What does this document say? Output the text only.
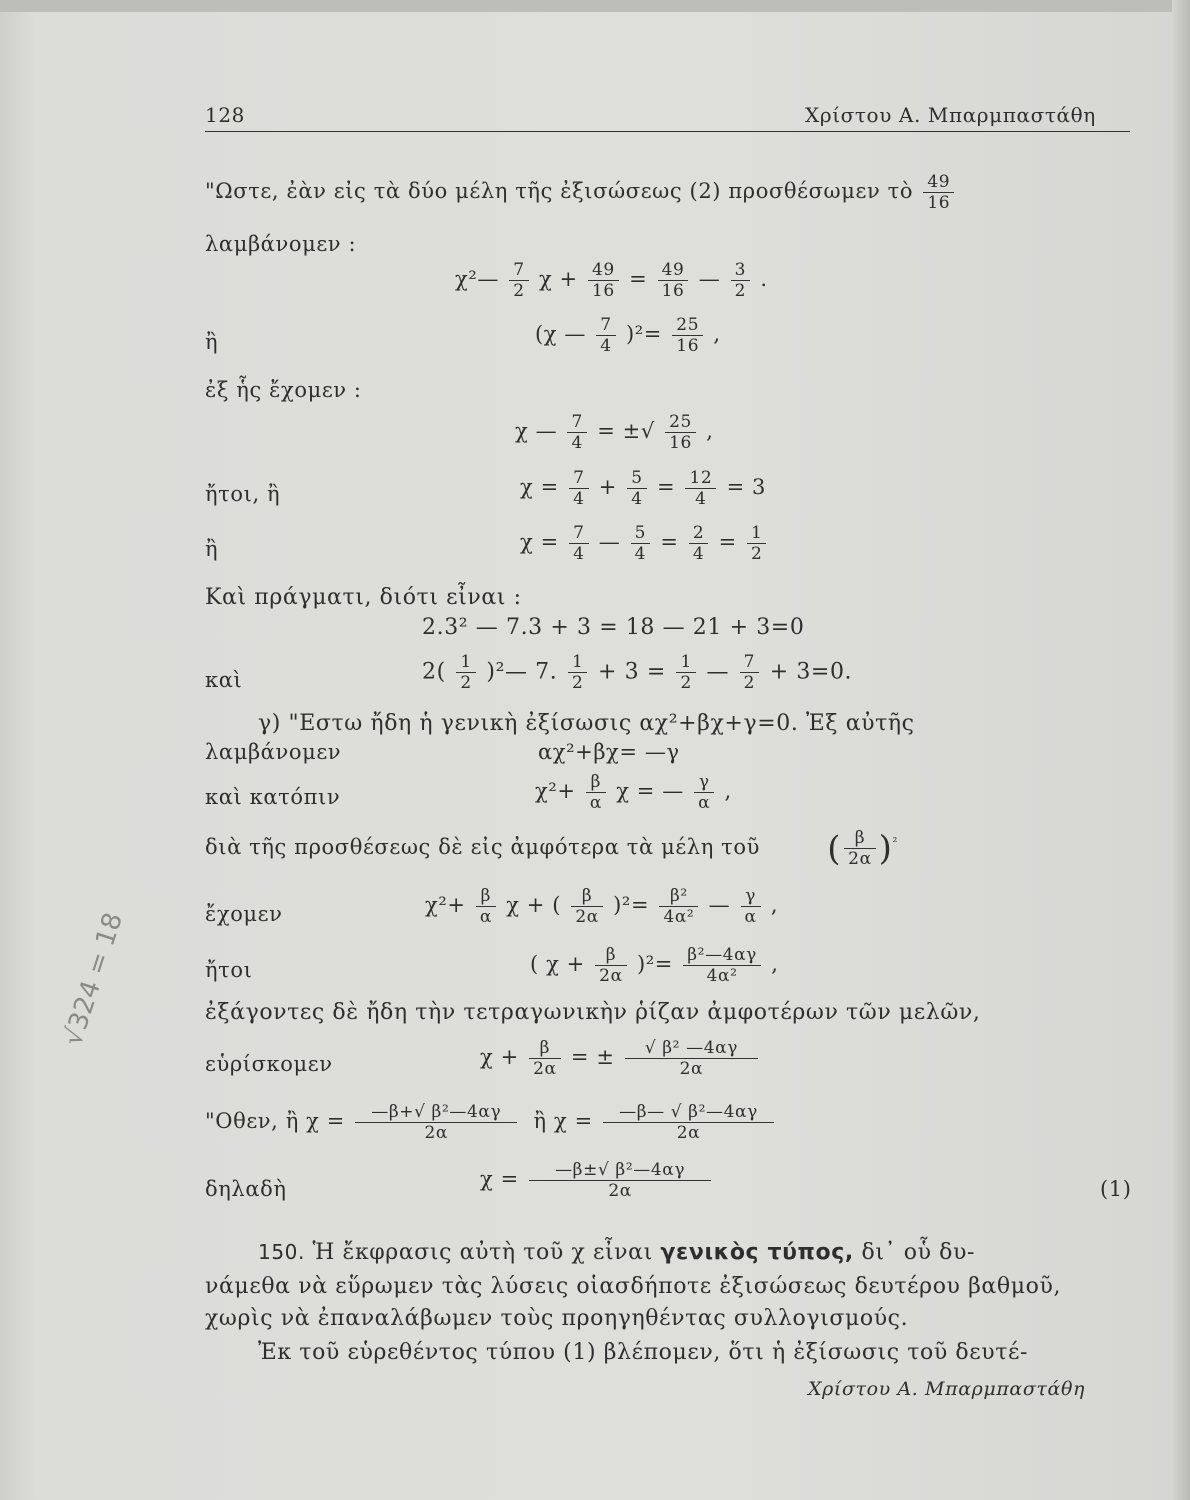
128	Χρίστου Α. Μπαρμπαστάθη
"Ωστε, ἐὰν εἰς τὰ δύο μέλη τῆς ἐξισώσεως (2) προσθέσωμεν τὸ $\frac{49}{16}$
λαμβάνομεν :
χ²— $\frac{7}{2}$ $\chi + \frac{49}{16} = \frac{49}{16}$ — $\frac{3}{2}$ .
ἢ	(χ — $\frac{7}{4} )^2= \frac{25}{16}$ ,
ἐξ ἧς ἔχομεν :
χ — $\frac{7}{4}$ = ±√ $\frac{25}{16}$ ,
ἤτοι, ἢ	$\chi = \frac{7}{4} + \frac{5}{4} = \frac{12}{4} = 3$
ἢ	$\chi = \frac{7}{4}$ — $\frac{5}{4} = \frac{2}{4} = \frac{1}{2}$
Καὶ πράγματι, διότι εἶναι :
2.3² — 7.3 + 3 = 18 — 21 + 3=0
καὶ	$2( \frac{1}{2}$ )²— 7. $\frac{1}{2} + 3 = \frac{1}{2}$ — $\frac{7}{2} + 3=0$.
γ) "Εστω ἤδη ἡ γενικὴ ἐξίσωσις αχ²+βχ+γ=0. Ἐξ αὐτῆς
λαμβάνομεν	αχ²+βχ= —γ
καὶ κατόπιν	$\chi^2+ \frac{\beta}{\alpha}$ χ = — $\frac{\gamma}{\alpha}$ ,
διὰ τῆς προσθέσεως δὲ εἰς ἀμφότερα τὰ μέλη τοῦ ( $\frac{\beta}{2\alpha} )^{^2}$
ἔχομεν	$\chi^2+ \frac{\beta}{\alpha}$ χ + ( $\frac{\beta}{2\alpha} )^2= \frac{\text{β²}}{\text{4α²}}$ — $\frac{\gamma}{\alpha}$ ,
ἤτοι	( $\chi + \frac{\beta}{2\alpha} )^2= \frac{\text{β²—4αγ}}{\text{4α²}}$ ,
ἐξάγοντες δὲ ἤδη τὴν τετραγωνικὴν ῥίζαν ἀμφοτέρων τῶν μελῶν,
εὑρίσκομεν	$\chi + \frac{\beta}{2\alpha}$ = ± $\frac{\text{√ β² —4αγ}}{2\alpha}$
"Οθεν, ἢ $\chi = \frac{\text{—β+√ β²—4αγ}}{2\alpha}$ ἢ $\chi = \frac{\text{—β— √ β²—4αγ}}{2\alpha}$
δηλαδὴ	$\chi = \frac{\text{—β±√ β²—4αγ}}{2\alpha}$	(1)
150. Ἡ ἔκφρασις αὐτὴ τοῦ χ εἶναι γενικὸς τύπος, δι᾽ οὗ δυ-
νάμεθα νὰ εὕρωμεν τὰς λύσεις οἱασδήποτε ἐξισώσεως δευτέρου βαθμοῦ,
χωρὶς νὰ ἐπαναλάβωμεν τοὺς προηγηθέντας συλλογισμούς.
Ἐκ τοῦ εὑρεθέντος τύπου (1) βλέπομεν, ὅτι ἡ ἐξίσωσις τοῦ δευτέ-
Χρίστου Α. Μπαρμπαστάθη
√324 = 18
